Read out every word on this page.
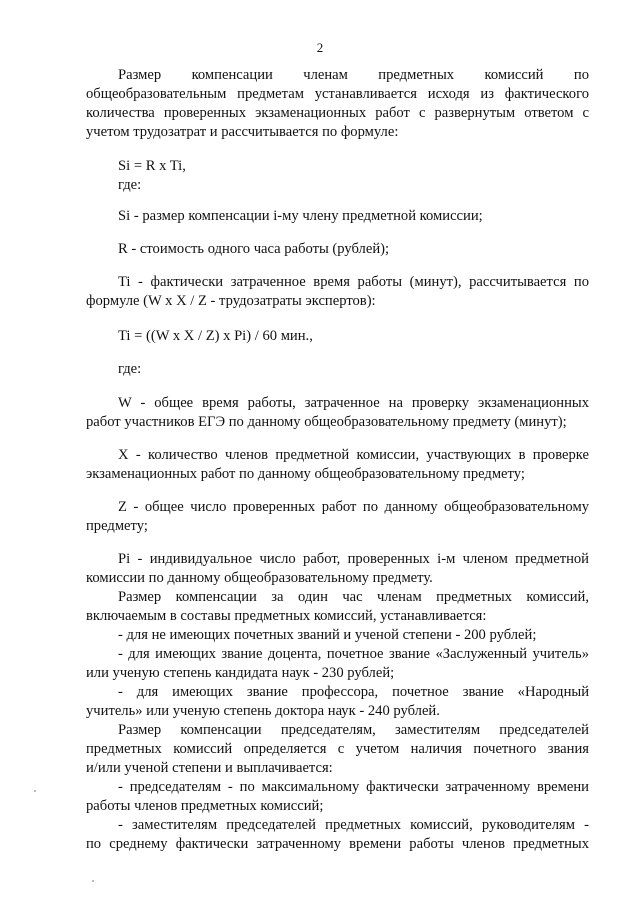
2

Размер компенсации членам предметных комиссий по

общеобразовательным предметам устанавливается исходя из фактического

количества проверенных экзаменационных работ с развернутым ответом с

учетом трудозатрат и рассчитывается по формуле:

Si = R x Ti,

где:

Si - размер компенсации i-му члену предметной комиссии;

R - стоимость одного часа работы (рублей);

Ti - фактически затраченное время работы (минут), рассчитывается по

формуле (W x X / Z - трудозатраты экспертов):

Ti = ((W x X / Z) x Pi) / 60 мин.,

где:

W - общее время работы, затраченное на проверку экзаменационных

работ участников ЕГЭ по данному общеобразовательному предмету (минут);

X - количество членов предметной комиссии, участвующих в проверке

экзаменационных работ по данному общеобразовательному предмету;

Z - общее число проверенных работ по данному общеобразовательному

предмету;

Pi - индивидуальное число работ, проверенных i-м членом предметной

комиссии по данному общеобразовательному предмету.

Размер компенсации за один час членам предметных комиссий,

включаемым в составы предметных комиссий, устанавливается:

- для не имеющих почетных званий и ученой степени - 200 рублей;

- для имеющих звание доцента, почетное звание «Заслуженный учитель»

или ученую степень кандидата наук - 230 рублей;

- для имеющих звание профессора, почетное звание «Народный

учитель» или ученую степень доктора наук - 240 рублей.

Размер компенсации председателям, заместителям председателей

предметных комиссий определяется с учетом наличия почетного звания

и/или ученой степени и выплачивается:

- председателям - по максимальному фактически затраченному времени

работы членов предметных комиссий;

- заместителям председателей предметных комиссий, руководителям -

по среднему фактически затраченному времени работы членов предметных
